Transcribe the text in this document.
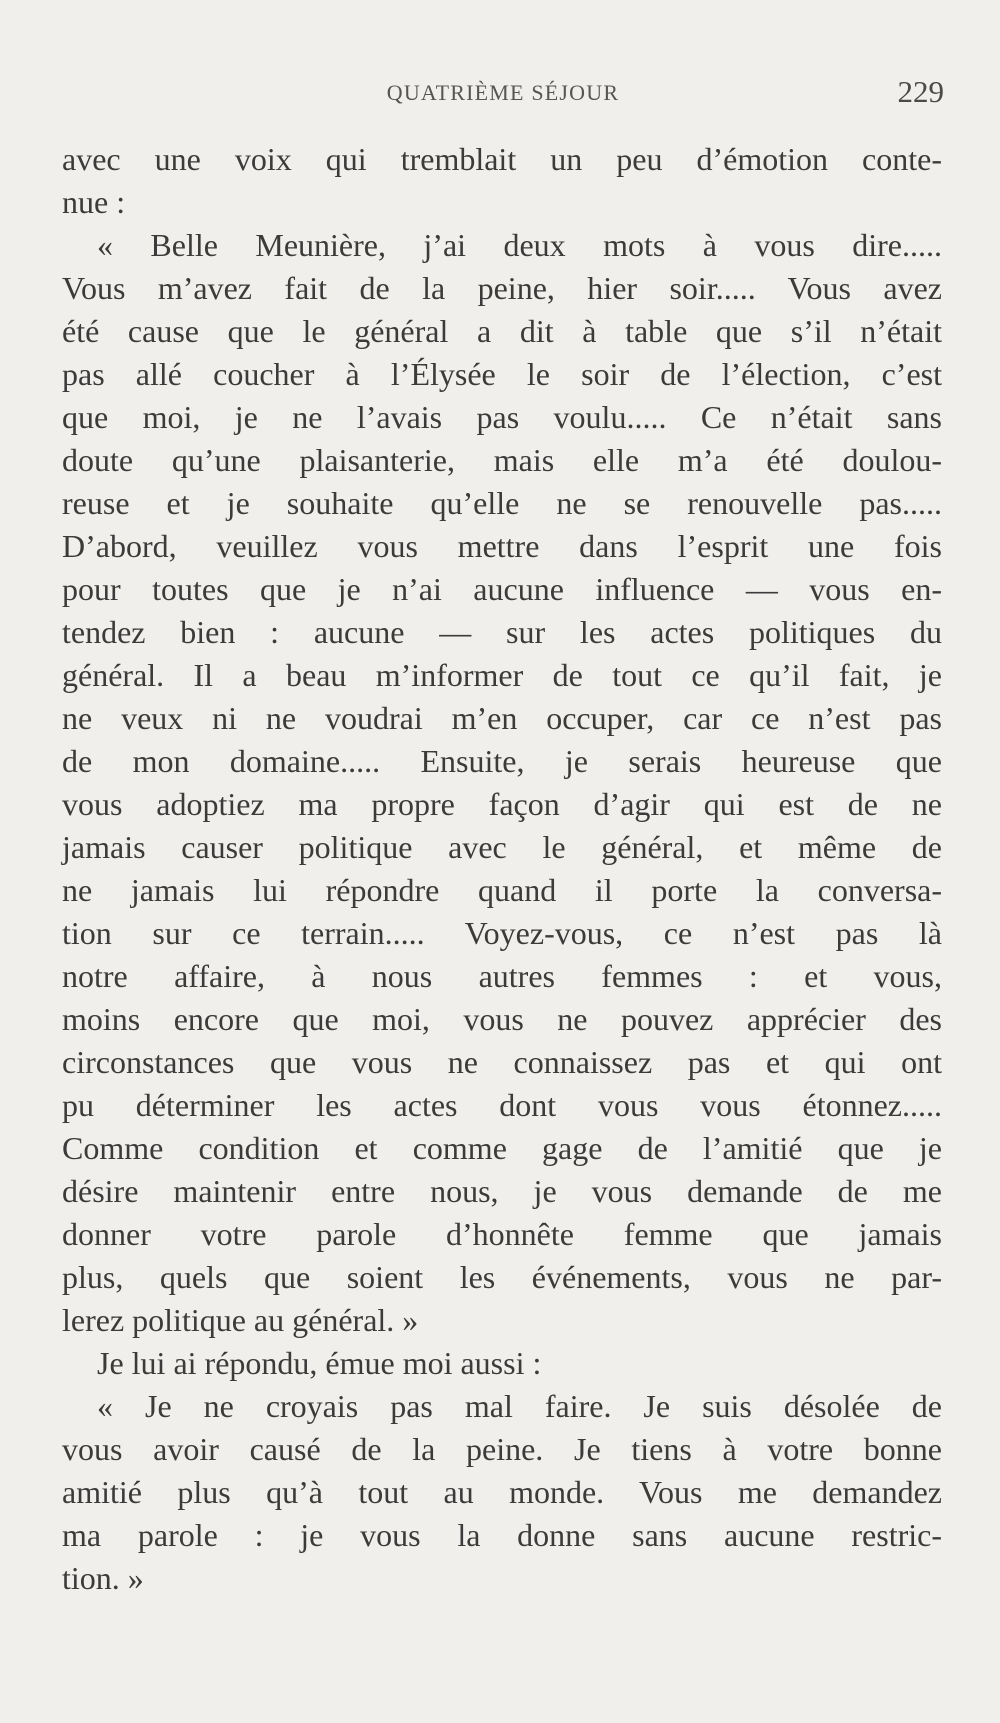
QUATRIÈME SÉJOUR	229
avec une voix qui tremblait un peu d’émotion conte-
nue :
« Belle Meunière, j’ai deux mots à vous dire.....
Vous m’avez fait de la peine, hier soir..... Vous avez
été cause que le général a dit à table que s’il n’était
pas allé coucher à l’Élysée le soir de l’élection, c’est
que moi, je ne l’avais pas voulu..... Ce n’était sans
doute qu’une plaisanterie, mais elle m’a été doulou-
reuse et je souhaite qu’elle ne se renouvelle pas.....
D’abord, veuillez vous mettre dans l’esprit une fois
pour toutes que je n’ai aucune influence — vous en-
tendez bien : aucune — sur les actes politiques du
général. Il a beau m’informer de tout ce qu’il fait, je
ne veux ni ne voudrai m’en occuper, car ce n’est pas
de mon domaine..... Ensuite, je serais heureuse que
vous adoptiez ma propre façon d’agir qui est de ne
jamais causer politique avec le général, et même de
ne jamais lui répondre quand il porte la conversa-
tion sur ce terrain..... Voyez-vous, ce n’est pas là
notre affaire, à nous autres femmes : et vous,
moins encore que moi, vous ne pouvez apprécier des
circonstances que vous ne connaissez pas et qui ont
pu déterminer les actes dont vous vous étonnez.....
Comme condition et comme gage de l’amitié que je
désire maintenir entre nous, je vous demande de me
donner votre parole d’honnête femme que jamais
plus, quels que soient les événements, vous ne par-
lerez politique au général. »
Je lui ai répondu, émue moi aussi :
« Je ne croyais pas mal faire. Je suis désolée de
vous avoir causé de la peine. Je tiens à votre bonne
amitié plus qu’à tout au monde. Vous me demandez
ma parole : je vous la donne sans aucune restric-
tion. »
